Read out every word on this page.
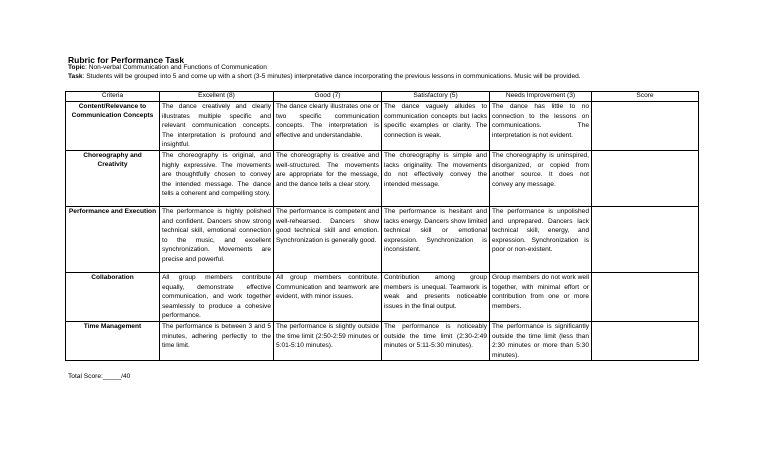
Rubric for Performance Task
Topic: Non-verbal Communication and Functions of Communication
Task: Students will be grouped into 5 and come up with a short (3-5 minutes) interpretative dance incorporating the previous lessons in communications. Music will be provided.
Criteria	Excellent (8)	Good (7)	Satisfactory (5)	Needs Improvement (3)	Score
Content/Relevance to Communication Concepts	The dance creatively and clearly illustrates multiple specific and relevant communication concepts. The interpretation is profound and insightful.	The dance clearly illustrates one or two specific communication concepts. The interpretation is effective and understandable.	The dance vaguely alludes to communication concepts but lacks specific examples or clarity. The connection is weak.	The dance has little to no connection to the lessons on communications. The interpretation is not evident.	
Choreography and Creativity	The choreography is original, and highly expressive. The movements are thoughtfully chosen to convey the intended message. The dance tells a coherent and compelling story.	The choreography is creative and well-structured. The movements are appropriate for the message, and the dance tells a clear story.	The choreography is simple and lacks originality. The movements do not effectively convey the intended message.	The choreography is uninspired, disorganized, or copied from another source. It does not convey any message.	
Performance and Execution	The performance is highly polished and confident. Dancers show strong technical skill, emotional connection to the music, and excellent synchronization. Movements are precise and powerful.	The performance is competent and well-rehearsed. Dancers show good technical skill and emotion. Synchronization is generally good.	The performance is hesitant and lacks energy. Dancers show limited technical skill or emotional expression. Synchronization is inconsistent.	The performance is unpolished and unprepared. Dancers lack technical skill, energy, and expression. Synchronization is poor or non-existent.	
Collaboration	All group members contribute equally, demonstrate effective communication, and work together seamlessly to produce a cohesive performance.	All group members contribute. Communication and teamwork are evident, with minor issues.	Contribution among group members is unequal. Teamwork is weak and presents noticeable issues in the final output.	Group members do not work well together, with minimal effort or contribution from one or more members.	
Time Management	The performance is between 3 and 5 minutes, adhering perfectly to the time limit.	The performance is slightly outside the time limit (2:50-2:59 minutes or 5:01-5:10 minutes).	The performance is noticeably outside the time limit (2:30-2:49 minutes or 5:11-5:30 minutes).	The performance is significantly outside the time limit (less than 2:30 minutes or more than 5:30 minutes).	
Total Score:_____/40
